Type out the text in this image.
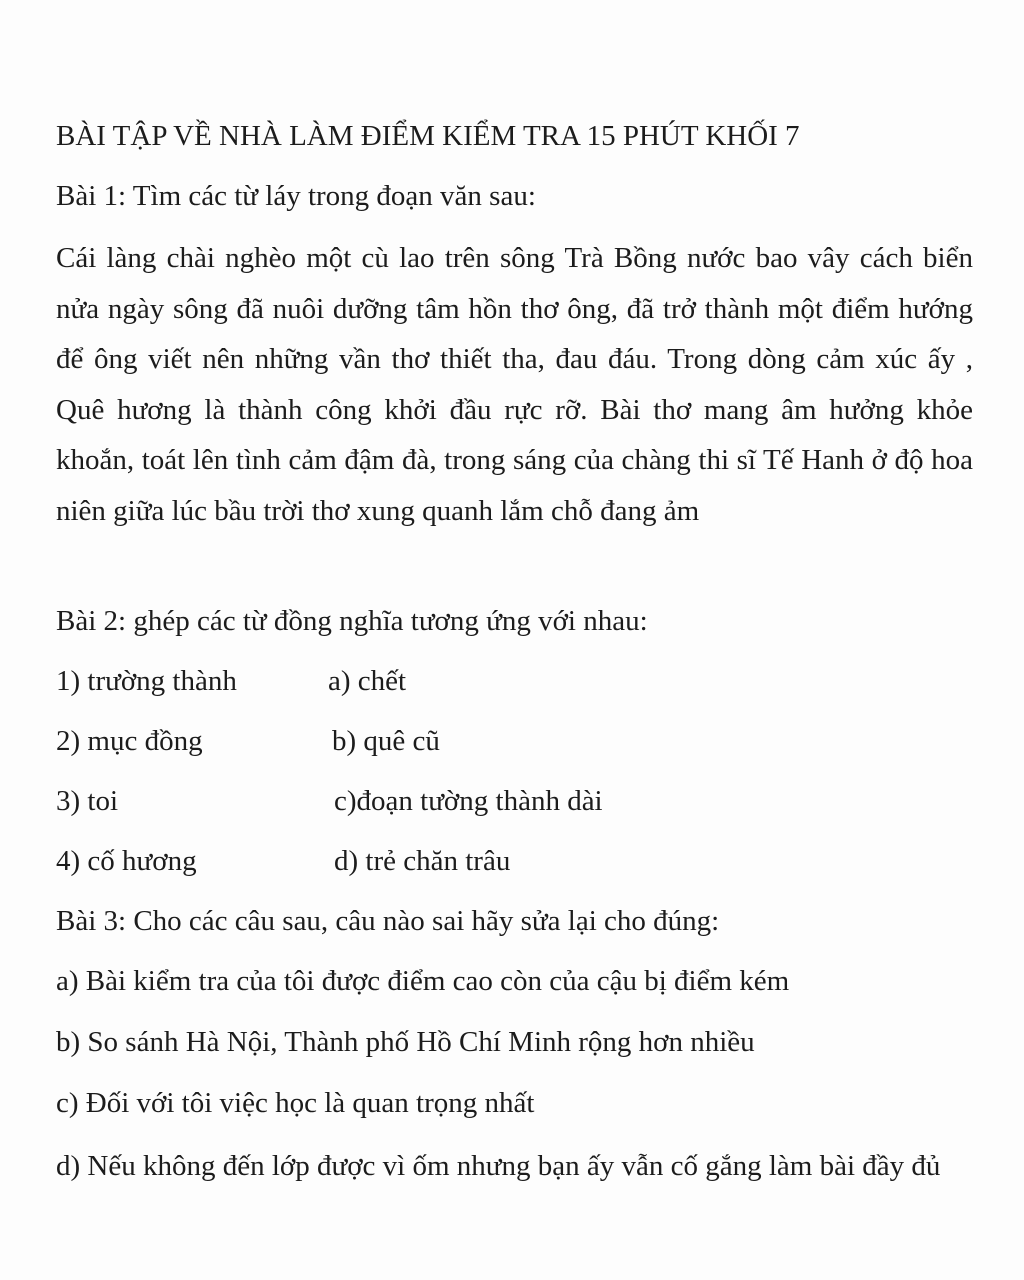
BÀI TẬP VỀ NHÀ LÀM ĐIỂM KIỂM TRA 15 PHÚT KHỐI 7
Bài 1: Tìm các từ láy trong đoạn văn sau:
Cái làng chài nghèo một cù lao trên sông Trà Bồng nước bao vây cách biển nửa ngày sông đã nuôi dưỡng tâm hồn thơ ông, đã trở thành một điểm hướng để ông viết nên những vần thơ thiết tha, đau đáu. Trong dòng cảm xúc ấy , Quê hương là thành công khởi đầu rực rỡ. Bài thơ mang âm hưởng khỏe khoắn, toát lên tình cảm đậm đà, trong sáng của chàng thi sĩ Tế Hanh ở độ hoa niên giữa lúc bầu trời thơ xung quanh lắm chỗ đang ảm
Bài 2: ghép các từ đồng nghĩa tương ứng với nhau:
1) trường thành	a) chết
2) mục đồng	b) quê cũ
3) toi	c)đoạn tường thành dài
4) cố hương	d) trẻ chăn trâu
Bài 3: Cho các câu sau, câu nào sai hãy sửa lại cho đúng:
a) Bài kiểm tra của tôi được điểm cao còn của cậu bị điểm kém
b) So sánh Hà Nội, Thành phố Hồ Chí Minh rộng hơn nhiều
c) Đối với tôi việc học là quan trọng nhất
d) Nếu không đến lớp được vì ốm nhưng bạn ấy vẫn cố gắng làm bài đầy đủ
